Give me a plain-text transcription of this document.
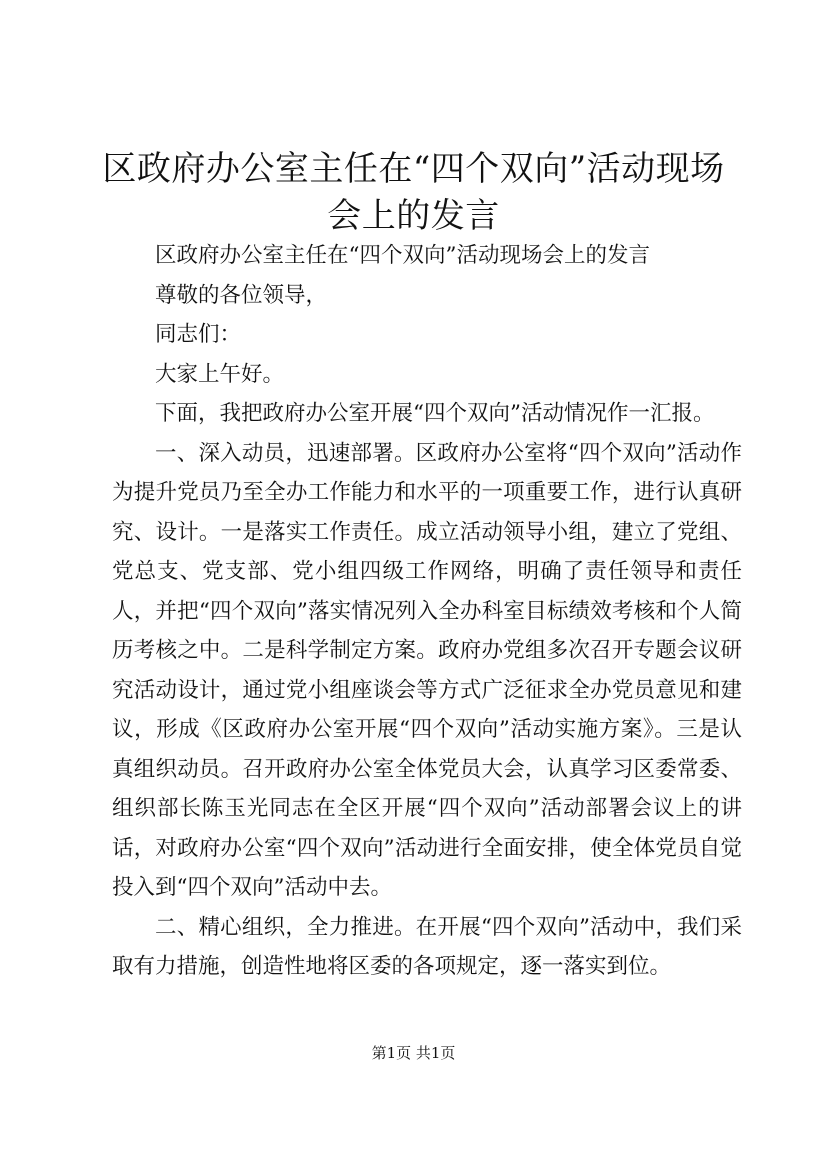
区政府办公室主任在“四个双向”活动现场会上的发言

区政府办公室主任在“四个双向”活动现场会上的发言

尊敬的各位领导，

同志们：

大家上午好。

下面，我把政府办公室开展“四个双向”活动情况作一汇报。

一、深入动员，迅速部署。区政府办公室将“四个双向”活动作为提升党员乃至全办工作能力和水平的一项重要工作，进行认真研究、设计。一是落实工作责任。成立活动领导小组，建立了党组、党总支、党支部、党小组四级工作网络，明确了责任领导和责任人，并把“四个双向”落实情况列入全办科室目标绩效考核和个人简历考核之中。二是科学制定方案。政府办党组多次召开专题会议研究活动设计，通过党小组座谈会等方式广泛征求全办党员意见和建议，形成《区政府办公室开展“四个双向”活动实施方案》。三是认真组织动员。召开政府办公室全体党员大会，认真学习区委常委、组织部长陈玉光同志在全区开展“四个双向”活动部署会议上的讲话，对政府办公室“四个双向”活动进行全面安排，使全体党员自觉投入到“四个双向”活动中去。

二、精心组织，全力推进。在开展“四个双向”活动中，我们采取有力措施，创造性地将区委的各项规定，逐一落实到位。

第1页 共1页
